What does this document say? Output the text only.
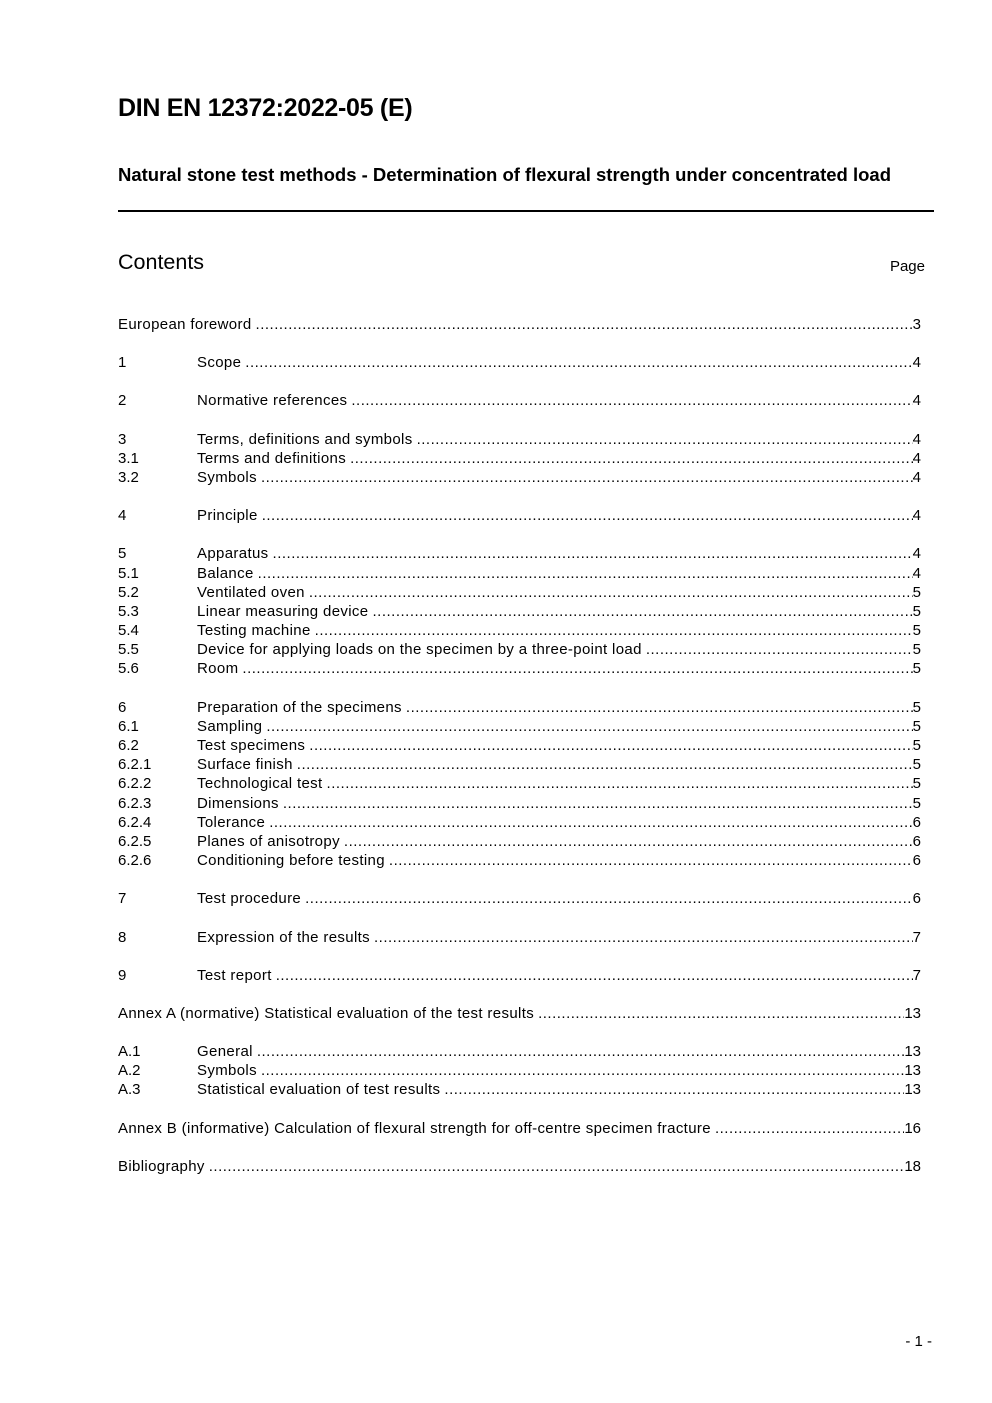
DIN EN 12372:2022-05 (E)
Natural stone test methods - Determination of flexural strength under concentrated load
Contents	Page
European foreword .....	3
1	Scope .....	4
2	Normative references .....	4
3	Terms, definitions and symbols .....	4
3.1	Terms and definitions .....	4
3.2	Symbols .....	4
4	Principle .....	4
5	Apparatus .....	4
5.1	Balance .....	4
5.2	Ventilated oven .....	5
5.3	Linear measuring device .....	5
5.4	Testing machine .....	5
5.5	Device for applying loads on the specimen by a three-point load .....	5
5.6	Room .....	5
6	Preparation of the specimens .....	5
6.1	Sampling .....	5
6.2	Test specimens .....	5
6.2.1	Surface finish .....	5
6.2.2	Technological test .....	5
6.2.3	Dimensions .....	5
6.2.4	Tolerance .....	6
6.2.5	Planes of anisotropy .....	6
6.2.6	Conditioning before testing .....	6
7	Test procedure .....	6
8	Expression of the results .....	7
9	Test report .....	7
Annex A (normative) Statistical evaluation of the test results .....	13
A.1	General .....	13
A.2	Symbols .....	13
A.3	Statistical evaluation of test results .....	13
Annex B (informative) Calculation of flexural strength for off-centre specimen fracture .....	16
Bibliography .....	18
- 1 -
